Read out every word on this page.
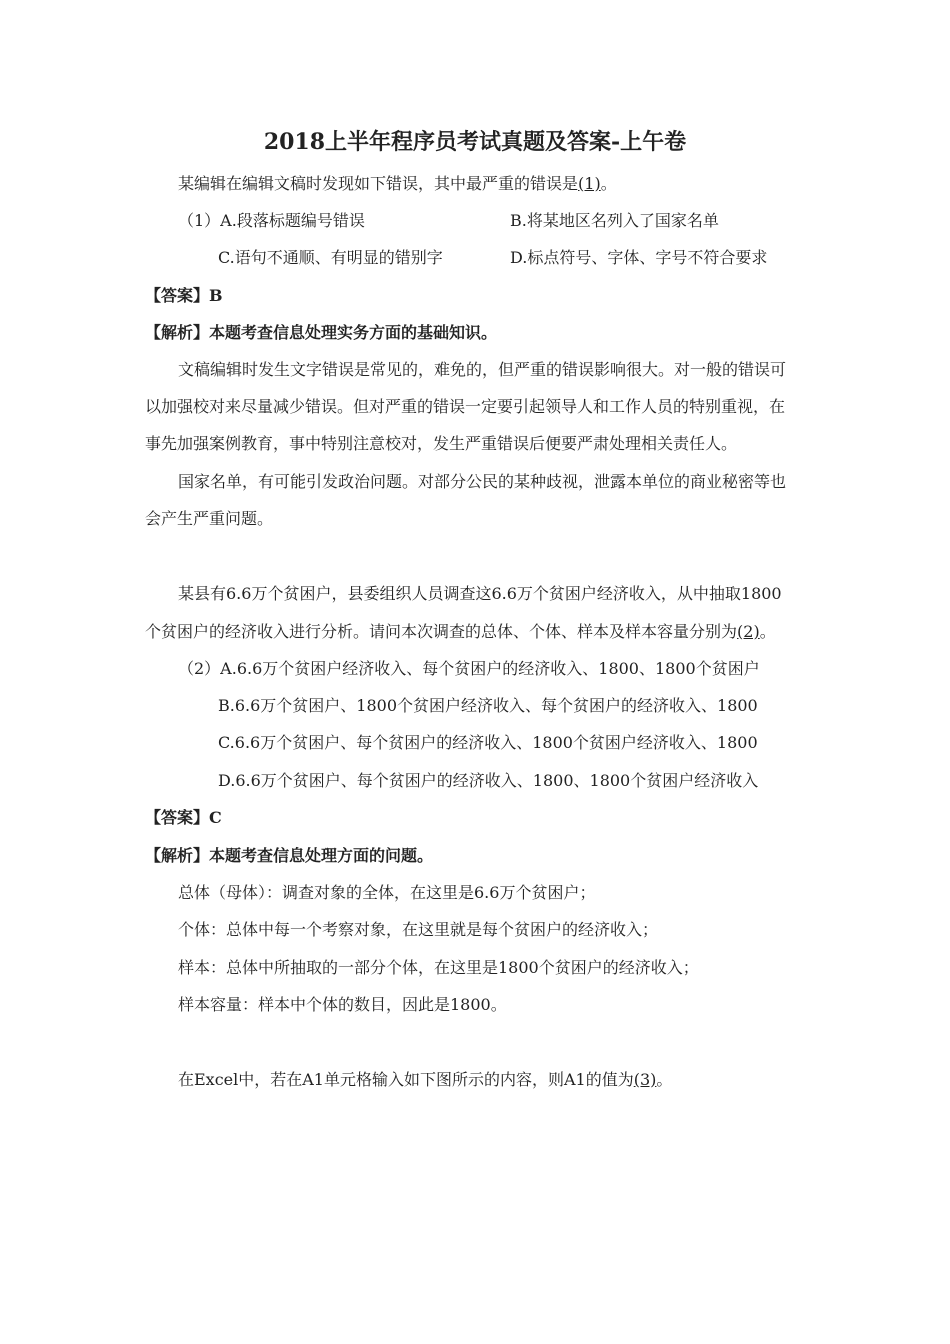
2018上半年程序员考试真题及答案-上午卷
某编辑在编辑文稿时发现如下错误，其中最严重的错误是(1)。
（1）A.段落标题编号错误	B.将某地区名列入了国家名单
C.语句不通顺、有明显的错别字	D.标点符号、字体、字号不符合要求
【答案】B
【解析】本题考查信息处理实务方面的基础知识。
文稿编辑时发生文字错误是常见的，难免的，但严重的错误影响很大。对一般的错误可
以加强校对来尽量减少错误。但对严重的错误一定要引起领导人和工作人员的特别重视，在
事先加强案例教育，事中特别注意校对，发生严重错误后便要严肃处理相关责任人。
国家名单，有可能引发政治问题。对部分公民的某种歧视，泄露本单位的商业秘密等也
会产生严重问题。
某县有6.6万个贫困户，县委组织人员调查这6.6万个贫困户经济收入，从中抽取1800
个贫困户的经济收入进行分析。请问本次调查的总体、个体、样本及样本容量分别为(2)。
（2）A.6.6万个贫困户经济收入、每个贫困户的经济收入、1800、1800个贫困户
B.6.6万个贫困户、1800个贫困户经济收入、每个贫困户的经济收入、1800
C.6.6万个贫困户、每个贫困户的经济收入、1800个贫困户经济收入、1800
D.6.6万个贫困户、每个贫困户的经济收入、1800、1800个贫困户经济收入
【答案】C
【解析】本题考查信息处理方面的问题。
总体（母体）：调查对象的全体，在这里是6.6万个贫困户；
个体：总体中每一个考察对象，在这里就是每个贫困户的经济收入；
样本：总体中所抽取的一部分个体，在这里是1800个贫困户的经济收入；
样本容量：样本中个体的数目，因此是1800。
在Excel中，若在A1单元格输入如下图所示的内容，则A1的值为(3)。
